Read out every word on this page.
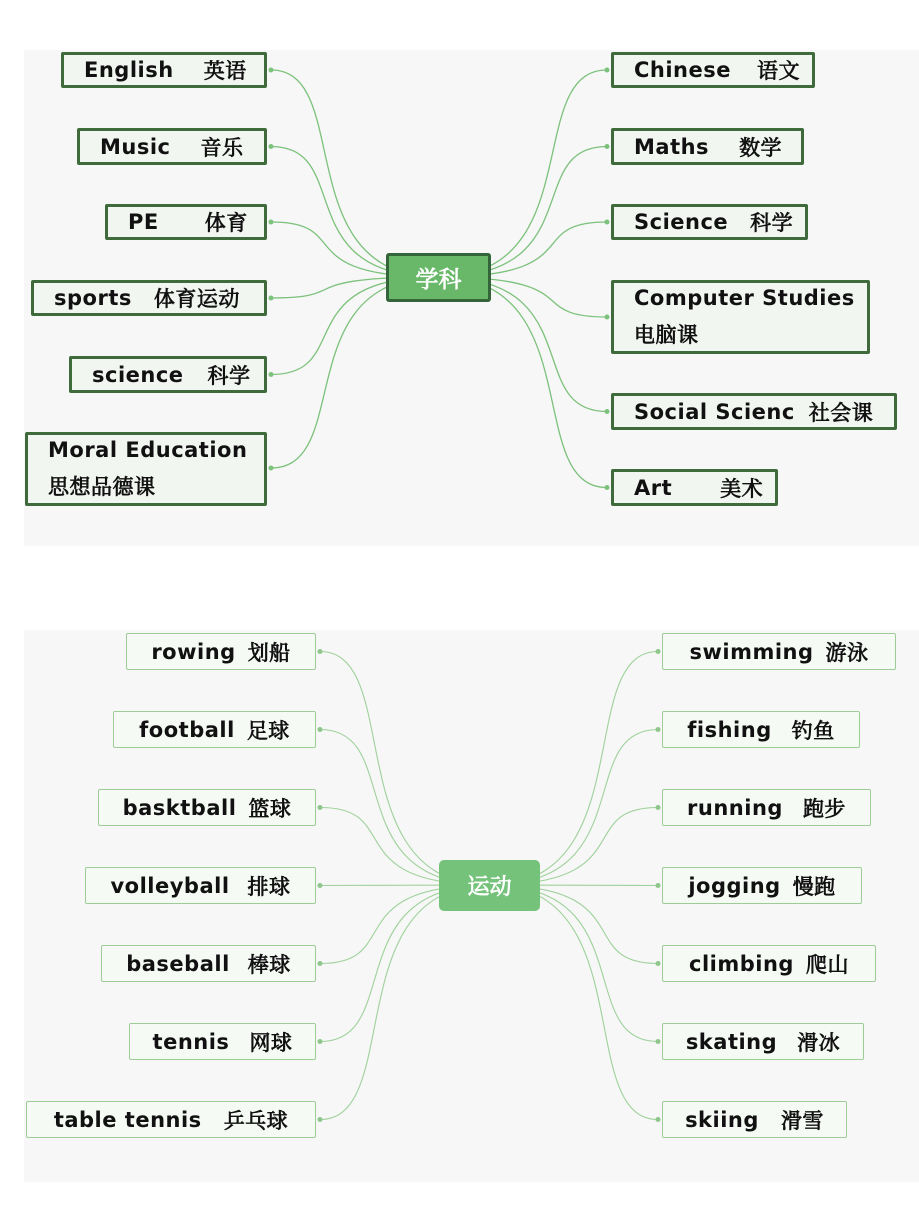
学科
运动
English 英语
Music 音乐
PE 体育
sports 体育运动
science 科学
Moral Education
思想品德课
Chinese 语文
Maths 数学
Science 科学
Computer Studies
电脑课
Social Scienc 社会课
Art 美术
rowing 划船
football 足球
basktball 篮球
volleyball 排球
baseball 棒球
tennis 网球
table tennis 乒乓球
swimming 游泳
fishing 钓鱼
running 跑步
jogging 慢跑
climbing 爬山
skating 滑冰
skiing 滑雪
